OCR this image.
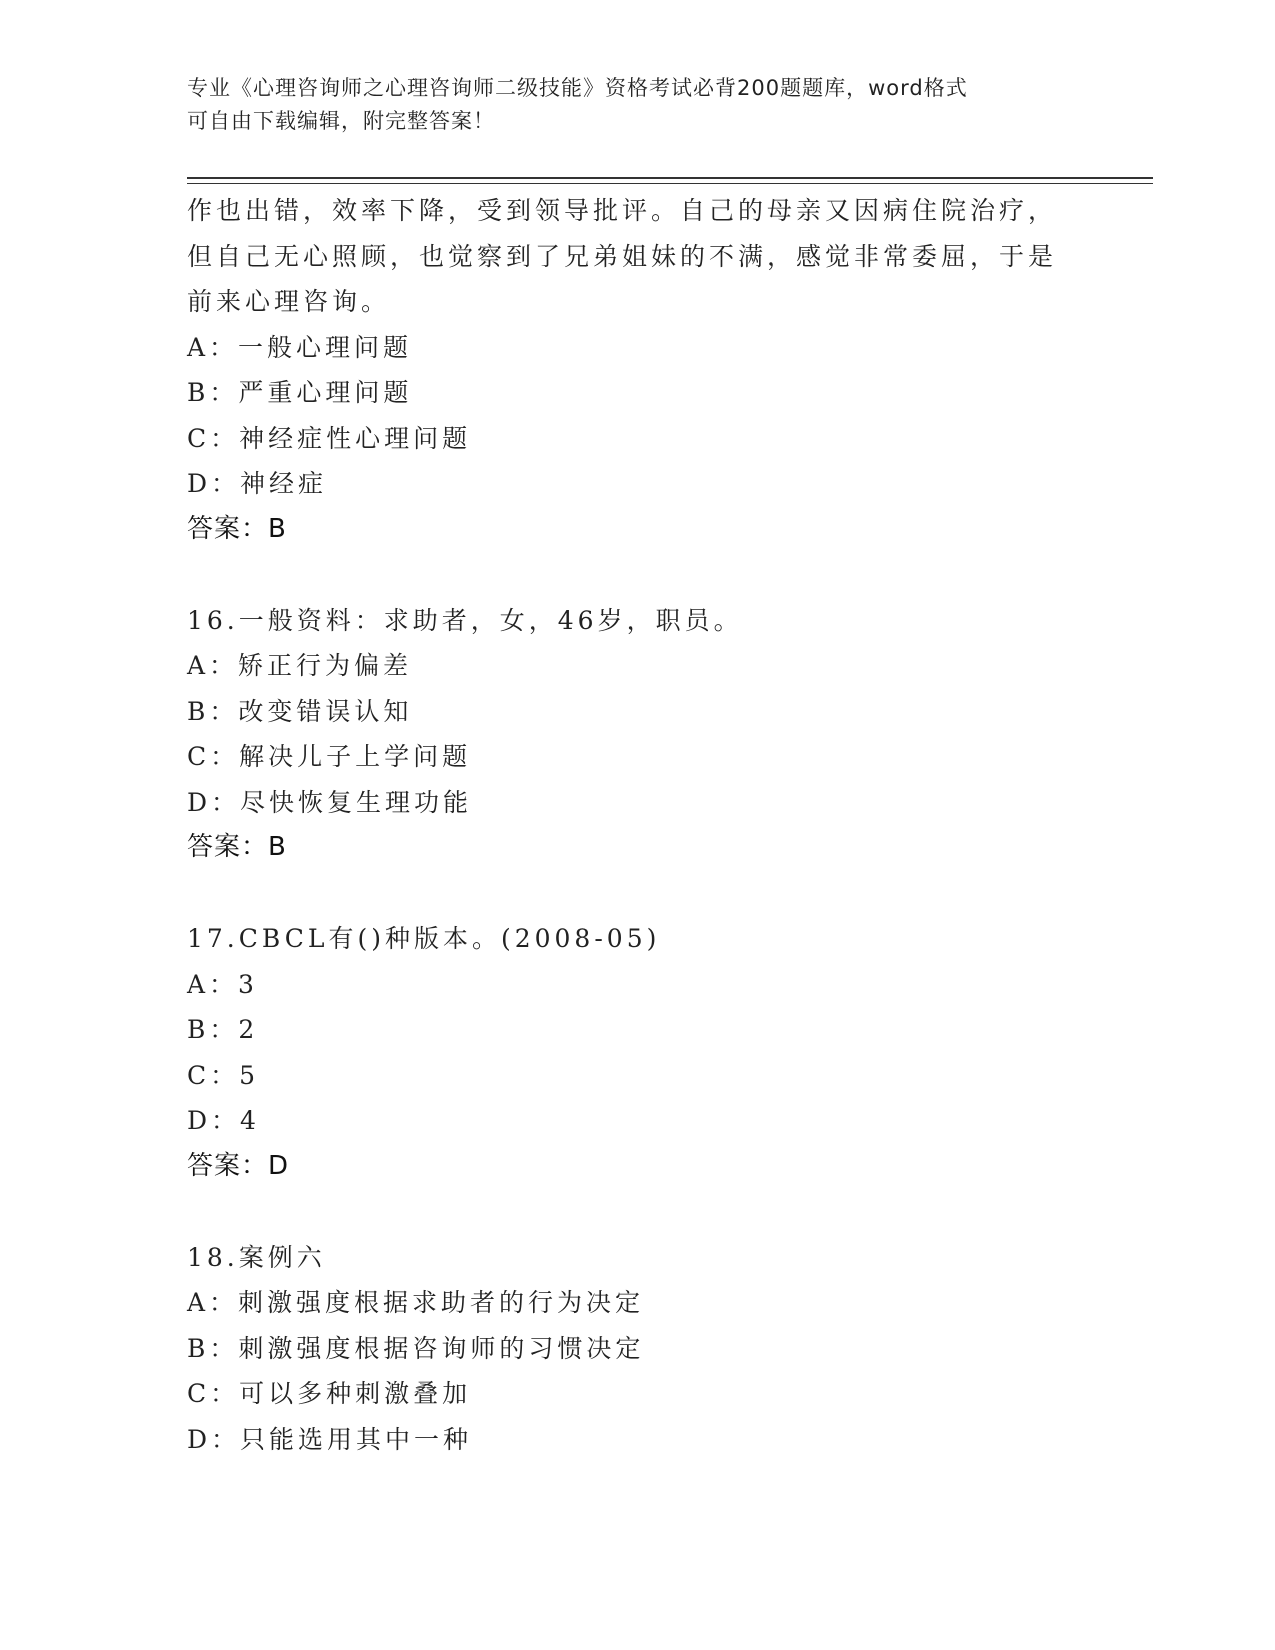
专业《心理咨询师之心理咨询师二级技能》资格考试必背200题题库，word格式
可自由下载编辑，附完整答案！
作也出错，效率下降，受到领导批评。自己的母亲又因病住院治疗，
但自己无心照顾，也觉察到了兄弟姐妹的不满，感觉非常委屈，于是
前来心理咨询。
A：一般心理问题
B：严重心理问题
C：神经症性心理问题
D：神经症
答案：B
16.一般资料：求助者，女，46岁，职员。
A：矫正行为偏差
B：改变错误认知
C：解决儿子上学问题
D：尽快恢复生理功能
答案：B
17.CBCL有()种版本。(2008-05)
A：3
B：2
C：5
D：4
答案：D
18.案例六
A：刺激强度根据求助者的行为决定
B：刺激强度根据咨询师的习惯决定
C：可以多种刺激叠加
D：只能选用其中一种
